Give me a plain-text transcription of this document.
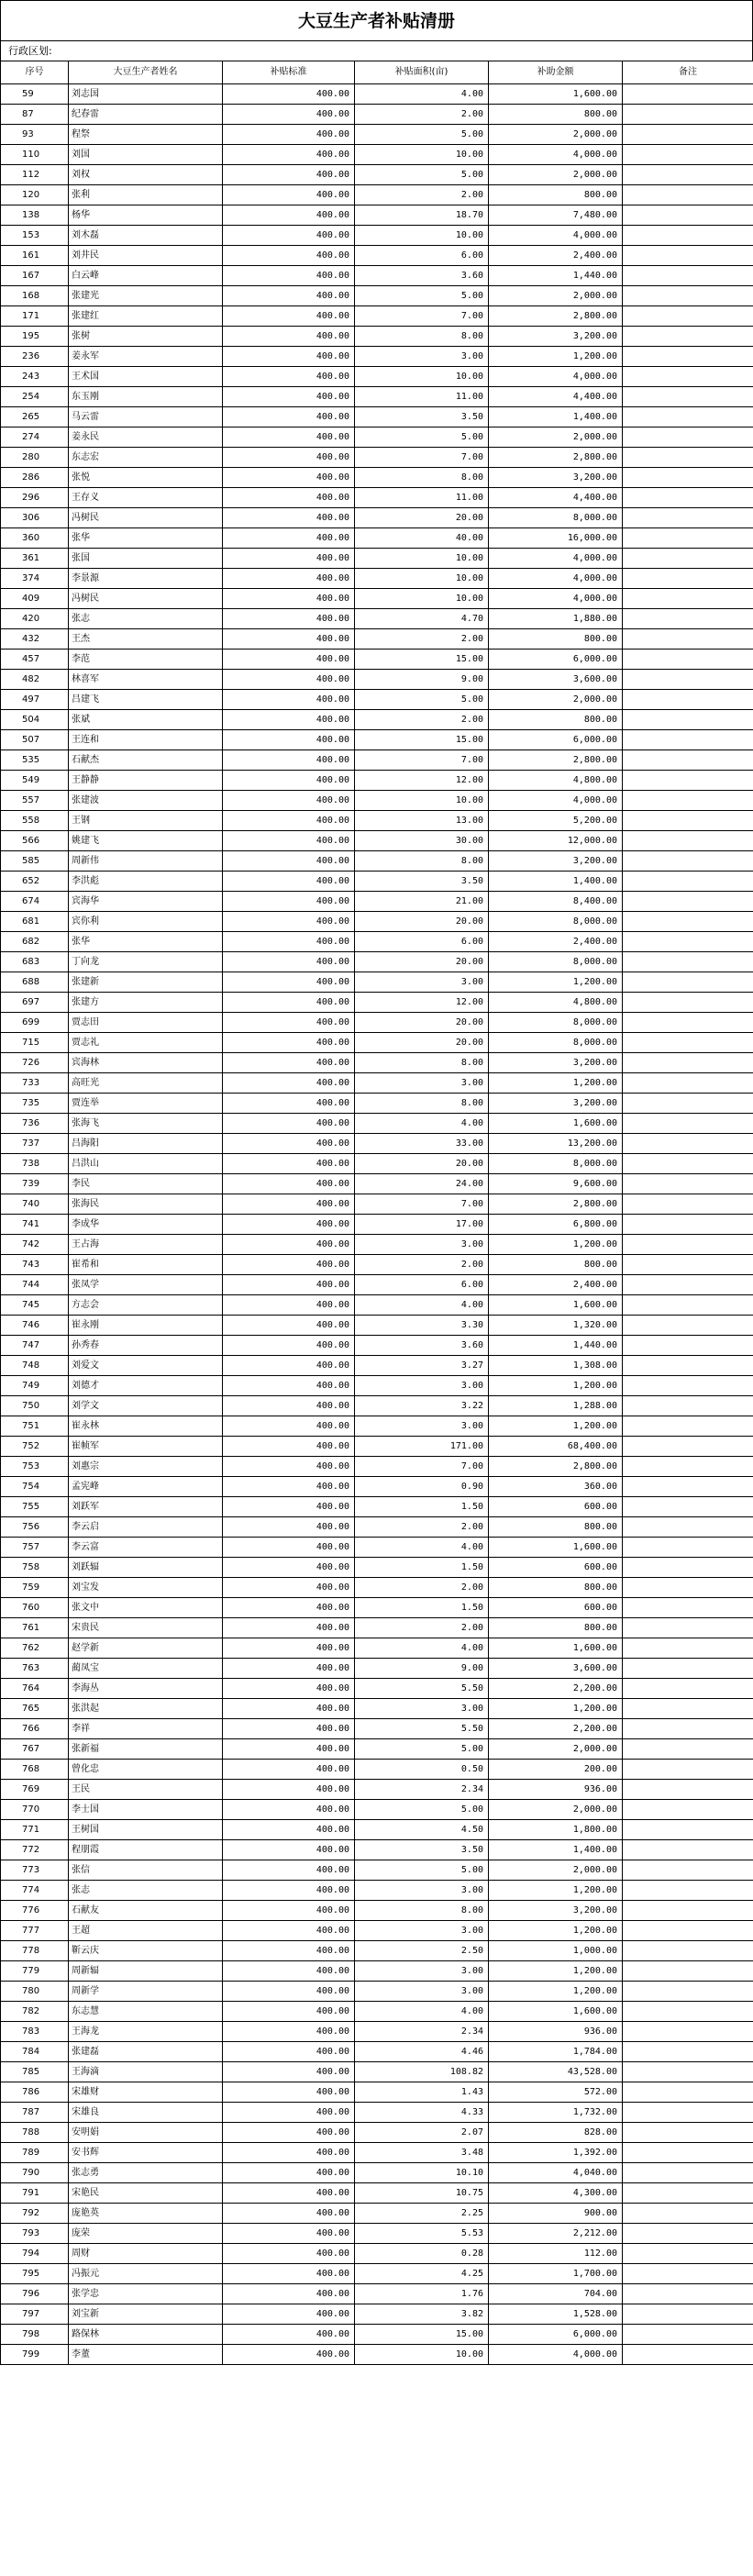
大豆生产者补贴清册
行政区划:
序号	大豆生产者姓名	补贴标准	补贴面积(亩)	补助金额	备注
59	刘志国	400.00	4.00	1,600.00	
87	纪春雷	400.00	2.00	800.00	
93	程祭	400.00	5.00	2,000.00	
110	刘国	400.00	10.00	4,000.00	
112	刘权	400.00	5.00	2,000.00	
120	张利	400.00	2.00	800.00	
138	杨华	400.00	18.70	7,480.00	
153	刘木磊	400.00	10.00	4,000.00	
161	刘井民	400.00	6.00	2,400.00	
167	白云峰	400.00	3.60	1,440.00	
168	张建光	400.00	5.00	2,000.00	
171	张建红	400.00	7.00	2,800.00	
195	张树	400.00	8.00	3,200.00	
236	姜永军	400.00	3.00	1,200.00	
243	王术国	400.00	10.00	4,000.00	
254	东玉刚	400.00	11.00	4,400.00	
265	马云雷	400.00	3.50	1,400.00	
274	姜永民	400.00	5.00	2,000.00	
280	东志宏	400.00	7.00	2,800.00	
286	张悦	400.00	8.00	3,200.00	
296	王存义	400.00	11.00	4,400.00	
306	冯树民	400.00	20.00	8,000.00	
360	张华	400.00	40.00	16,000.00	
361	张国	400.00	10.00	4,000.00	
374	李景源	400.00	10.00	4,000.00	
409	冯树民	400.00	10.00	4,000.00	
420	张志	400.00	4.70	1,880.00	
432	王杰	400.00	2.00	800.00	
457	李范	400.00	15.00	6,000.00	
482	林喜军	400.00	9.00	3,600.00	
497	吕建飞	400.00	5.00	2,000.00	
504	张斌	400.00	2.00	800.00	
507	王连和	400.00	15.00	6,000.00	
535	石献杰	400.00	7.00	2,800.00	
549	王静静	400.00	12.00	4,800.00	
557	张建波	400.00	10.00	4,000.00	
558	王钢	400.00	13.00	5,200.00	
566	姚建飞	400.00	30.00	12,000.00	
585	周新伟	400.00	8.00	3,200.00	
652	李洪彪	400.00	3.50	1,400.00	
674	宾海华	400.00	21.00	8,400.00	
681	宾你利	400.00	20.00	8,000.00	
682	张华	400.00	6.00	2,400.00	
683	丁向龙	400.00	20.00	8,000.00	
688	张建新	400.00	3.00	1,200.00	
697	张建方	400.00	12.00	4,800.00	
699	贾志田	400.00	20.00	8,000.00	
715	贾志礼	400.00	20.00	8,000.00	
726	宾海林	400.00	8.00	3,200.00	
733	高旺光	400.00	3.00	1,200.00	
735	贾连举	400.00	8.00	3,200.00	
736	张海飞	400.00	4.00	1,600.00	
737	吕海阳	400.00	33.00	13,200.00	
738	吕洪山	400.00	20.00	8,000.00	
739	李民	400.00	24.00	9,600.00	
740	张海民	400.00	7.00	2,800.00	
741	李成华	400.00	17.00	6,800.00	
742	王占海	400.00	3.00	1,200.00	
743	崔希和	400.00	2.00	800.00	
744	张凤学	400.00	6.00	2,400.00	
745	方志会	400.00	4.00	1,600.00	
746	崔永刚	400.00	3.30	1,320.00	
747	孙秀春	400.00	3.60	1,440.00	
748	刘爱文	400.00	3.27	1,308.00	
749	刘德才	400.00	3.00	1,200.00	
750	刘学文	400.00	3.22	1,288.00	
751	崔永林	400.00	3.00	1,200.00	
752	崔帧军	400.00	171.00	68,400.00	
753	刘惠宗	400.00	7.00	2,800.00	
754	孟宪峰	400.00	0.90	360.00	
755	刘跃军	400.00	1.50	600.00	
756	李云启	400.00	2.00	800.00	
757	李云富	400.00	4.00	1,600.00	
758	刘跃辐	400.00	1.50	600.00	
759	刘宝发	400.00	2.00	800.00	
760	张文中	400.00	1.50	600.00	
761	宋贵民	400.00	2.00	800.00	
762	赵学新	400.00	4.00	1,600.00	
763	蔺凤宝	400.00	9.00	3,600.00	
764	李海丛	400.00	5.50	2,200.00	
765	张洪起	400.00	3.00	1,200.00	
766	李祥	400.00	5.50	2,200.00	
767	张新福	400.00	5.00	2,000.00	
768	曾化忠	400.00	0.50	200.00	
769	王民	400.00	2.34	936.00	
770	李士国	400.00	5.00	2,000.00	
771	王树国	400.00	4.50	1,800.00	
772	程朋霞	400.00	3.50	1,400.00	
773	张信	400.00	5.00	2,000.00	
774	张志	400.00	3.00	1,200.00	
776	石献友	400.00	8.00	3,200.00	
777	王超	400.00	3.00	1,200.00	
778	靳云庆	400.00	2.50	1,000.00	
779	周新辐	400.00	3.00	1,200.00	
780	周新学	400.00	3.00	1,200.00	
782	东志慧	400.00	4.00	1,600.00	
783	王海龙	400.00	2.34	936.00	
784	张建磊	400.00	4.46	1,784.00	
785	王海滴	400.00	108.82	43,528.00	
786	宋雄财	400.00	1.43	572.00	
787	宋雄良	400.00	4.33	1,732.00	
788	安明娟	400.00	2.07	828.00	
789	安书辉	400.00	3.48	1,392.00	
790	张志勇	400.00	10.10	4,040.00	
791	宋艳民	400.00	10.75	4,300.00	
792	庞艳英	400.00	2.25	900.00	
793	庞荣	400.00	5.53	2,212.00	
794	周财	400.00	0.28	112.00	
795	冯振元	400.00	4.25	1,700.00	
796	张学忠	400.00	1.76	704.00	
797	刘宝新	400.00	3.82	1,528.00	
798	路保林	400.00	15.00	6,000.00	
799	李董	400.00	10.00	4,000.00	
